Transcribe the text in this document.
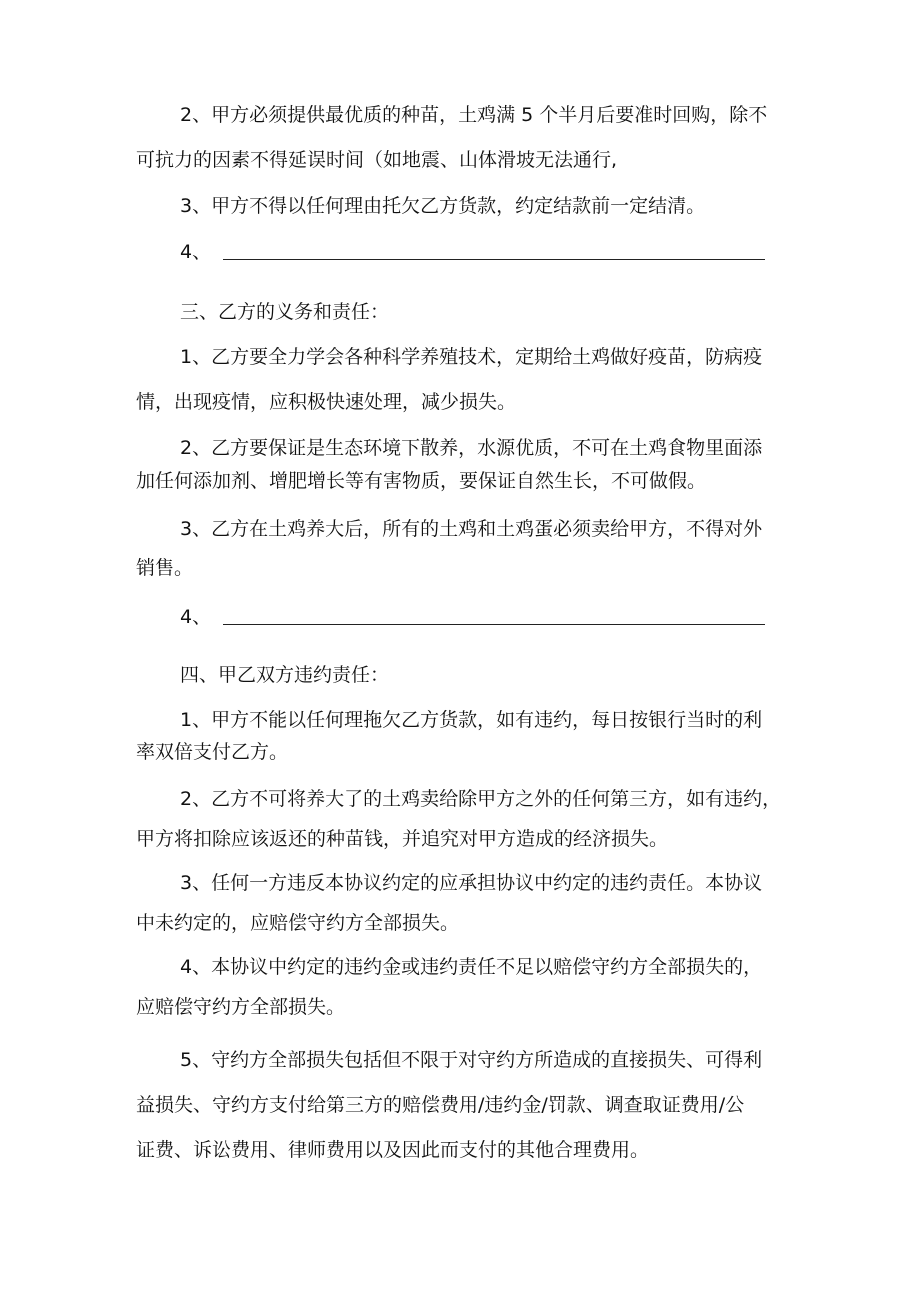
2、甲方必须提供最优质的种苗，土鸡满 5 个半月后要准时回购，除不
可抗力的因素不得延误时间（如地震、山体滑坡无法通行,
3、甲方不得以任何理由托欠乙方货款，约定结款前一定结清。
4、
三、乙方的义务和责任：
1、乙方要全力学会各种科学养殖技术，定期给土鸡做好疫苗，防病疫
情，出现疫情，应积极快速处理，减少损失。
2、乙方要保证是生态环境下散养，水源优质，不可在土鸡食物里面添
加任何添加剂、增肥增长等有害物质，要保证自然生长，不可做假。
3、乙方在土鸡养大后，所有的土鸡和土鸡蛋必须卖给甲方，不得对外
销售。
4、
四、甲乙双方违约责任：
1、甲方不能以任何理拖欠乙方货款，如有违约，每日按银行当时的利
率双倍支付乙方。
2、乙方不可将养大了的土鸡卖给除甲方之外的任何第三方，如有违约，
甲方将扣除应该返还的种苗钱，并追究对甲方造成的经济损失。
3、任何一方违反本协议约定的应承担协议中约定的违约责任。本协议
中未约定的，应赔偿守约方全部损失。
4、本协议中约定的违约金或违约责任不足以赔偿守约方全部损失的，
应赔偿守约方全部损失。
5、守约方全部损失包括但不限于对守约方所造成的直接损失、可得利
益损失、守约方支付给第三方的赔偿费用/违约金/罚款、调查取证费用/公
证费、诉讼费用、律师费用以及因此而支付的其他合理费用。
